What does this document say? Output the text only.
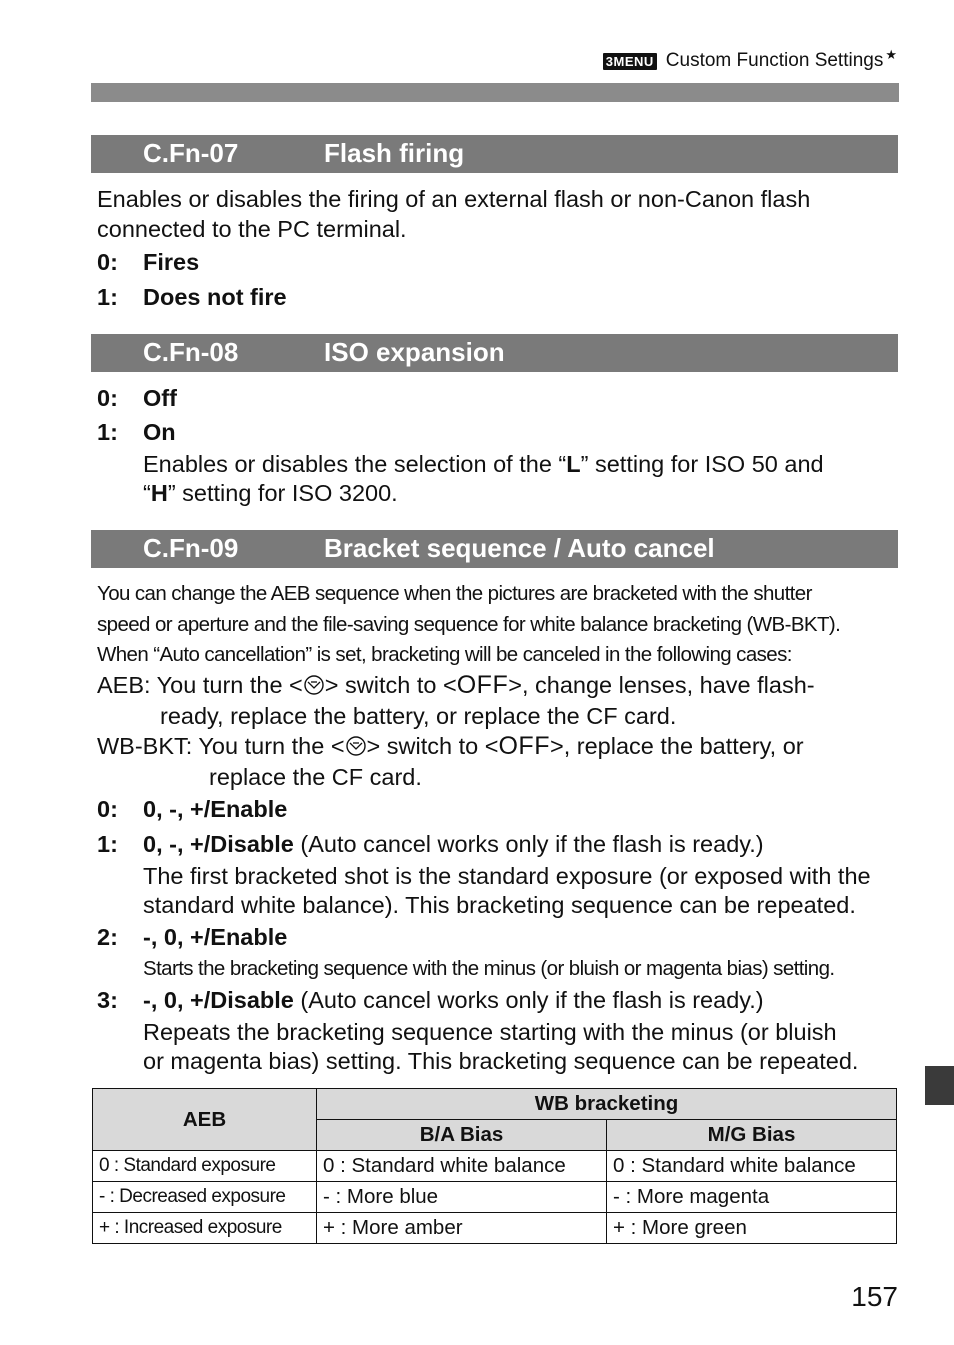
3MENU Custom Function Settings ★
C.Fn-07	Flash firing
Enables or disables the firing of an external flash or non-Canon flash
connected to the PC terminal.
0: Fires
1: Does not fire
C.Fn-08	ISO expansion
0: Off
1: On
Enables or disables the selection of the “L” setting for ISO 50 and
“H” setting for ISO 3200.
C.Fn-09	Bracket sequence / Auto cancel
You can change the AEB sequence when the pictures are bracketed with the shutter
speed or aperture and the file-saving sequence for white balance bracketing (WB-BKT).
When “Auto cancellation” is set, bracketing will be canceled in the following cases:
AEB: You turn the < > switch to <OFF>, change lenses, have flash-
ready, replace the battery, or replace the CF card.
WB-BKT: You turn the < > switch to <OFF>, replace the battery, or
replace the CF card.
0: 0, -, +/Enable
1: 0, -, +/Disable (Auto cancel works only if the flash is ready.)
The first bracketed shot is the standard exposure (or exposed with the
standard white balance). This bracketing sequence can be repeated.
2: -, 0, +/Enable
Starts the bracketing sequence with the minus (or bluish or magenta bias) setting.
3: -, 0, +/Disable (Auto cancel works only if the flash is ready.)
Repeats the bracketing sequence starting with the minus (or bluish
or magenta bias) setting. This bracketing sequence can be repeated.
AEB	WB bracketing	
	B/A Bias	M/G Bias
0 : Standard exposure	0 : Standard white balance	0 : Standard white balance
- : Decreased exposure	- : More blue	- : More magenta
+ : Increased exposure	+ : More amber	+ : More green
157
